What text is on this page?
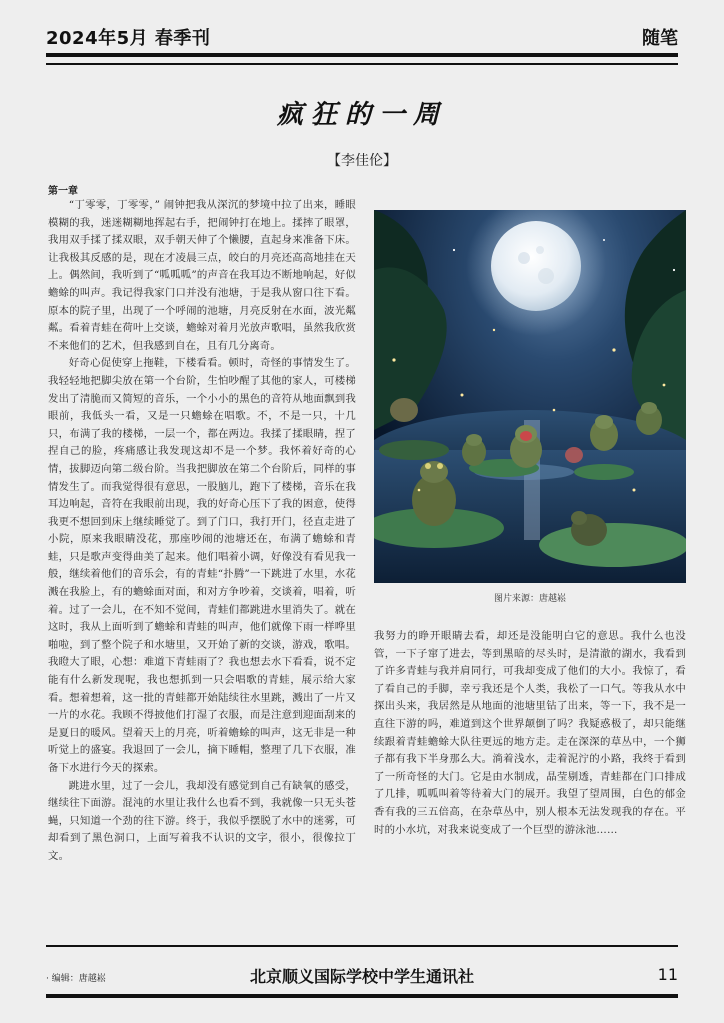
2024年5月 春季刊	随笔
疯狂的一周
【李佳伦】
第一章

“丁零零，丁零零，” 闹钟把我从深沉的梦境中拉了出来，睡眼模糊的我，迷迷糊糊地挥起右手，把闹钟打在地上。揉摔了眼罩，我用双手揉了揉双眼，双手朝天伸了个懒腰，直起身来准备下床。让我极其反感的是，现在才凌晨三点，皎白的月亮还高高地挂在天上。偶然间，我听到了“呱呱呱”的声音在我耳边不断地响起，好似蟾蜍的叫声。我记得我家门口并没有池塘，于是我从窗口往下看。原本的院子里，出现了一个呼闹的池塘，月亮反射在水面，波光粼粼。看着青蛙在荷叶上交谈，蟾蜍对着月光放声歌唱，虽然我欣赏不来他们的艺术，但我感到自在，且有几分离奇。

好奇心促使穿上拖鞋，下楼看看。顿时，奇怪的事情发生了。我轻轻地把脚尖放在第一个台阶，生怕吵醒了其他的家人，可楼梯发出了清脆而又简短的音乐，一个小小的黑色的音符从地面飘到我眼前，我低头一看，又是一只蟾蜍在唱歌。不，不是一只，十几只，布满了我的楼梯，一层一个，都在两边。我揉了揉眼睛，捏了捏自己的脸，疼痛感让我发现这却不是一个梦。我怀着好奇的心情，拔脚迈向第二级台阶。当我把脚放在第二个台阶后，同样的事情发生了。而我觉得很有意思，一股脑儿，跑下了楼梯，音乐在我耳边响起，音符在我眼前出现，我的好奇心压下了我的困意，使得我更不想回到床上继续睡觉了。到了门口，我打开门，径直走进了小院，原来我眼睛没花，那座吵闹的池塘还在，布满了蟾蜍和青蛙，只是歌声变得曲美了起来。他们唱着小调，好像没有看见我一般，继续着他们的音乐会，有的青蛙“扑腾”一下跳进了水里，水花溅在我脸上，有的蟾蜍面对面，和对方争吵着，交谈着，唱着，听着。过了一会儿，在不知不觉间，青蛙们都跳进水里消失了。就在这时，我从上面听到了蟾蜍和青蛙的叫声，他们就像下雨一样哗里啪啦，到了整个院子和水塘里，又开始了新的交谈，游戏，歌唱。我瞪大了眼，心想：难道下青蛙雨了？我也想去水下看看，说不定能有什么新发现呢，我也想抓到一只会唱歌的青蛙，展示给大家看。想着想着，这一批的青蛙都开始陆续往水里跳，溅出了一片又一片的水花。我顾不得披他们打湿了衣服，而是注意到迎面刮来的是夏日的暖风。望着天上的月亮，听着蟾蜍的叫声，这无非是一种听觉上的盛宴。我退回了一会儿，摘下睡帽，整理了几下衣服，准备下水进行今天的探索。

跳进水里，过了一会儿，我却没有感觉到自己有缺氧的感受，继续往下面游。混沌的水里让我什么也看不到，我就像一只无头苍蝇，只知道一个劲的往下游。终于，我似乎摆脱了水中的迷雾，可却看到了黑色洞口，上面写着我不认识的文字，很小，很像拉丁文。

图片来源：唐越崧

我努力的睁开眼睛去看，却还是没能明白它的意思。我什么也没管，一下子窜了进去，等到黑暗的尽头时，是清澈的湖水，我看到了许多青蛙与我并肩同行，可我却变成了他们的大小。我惊了，看了看自己的手脚，幸亏我还是个人类，我松了一口气。等我从水中探出头来，我居然是从地面的池塘里钻了出来，等一下，我不是一直往下游的吗，难道到这个世界颠倒了吗？我疑惑极了，却只能继续跟着青蛙蟾蜍大队往更远的地方走。走在深深的草丛中，一个狮子都有我下半身那么大。淌着浅水，走着泥泞的小路，我终于看到了一所奇怪的大门。它是由水制成，晶莹剔透，青蛙都在门口排成了几排，呱呱叫着等待着大门的展开。我望了望周围，白色的郁金香有我的三五倍高，在杂草丛中，别人根本无法发现我的存在。平时的小水坑，对我来说变成了一个巨型的游泳池……

· 编辑：唐越崧	北京顺义国际学校中学生通讯社	11
